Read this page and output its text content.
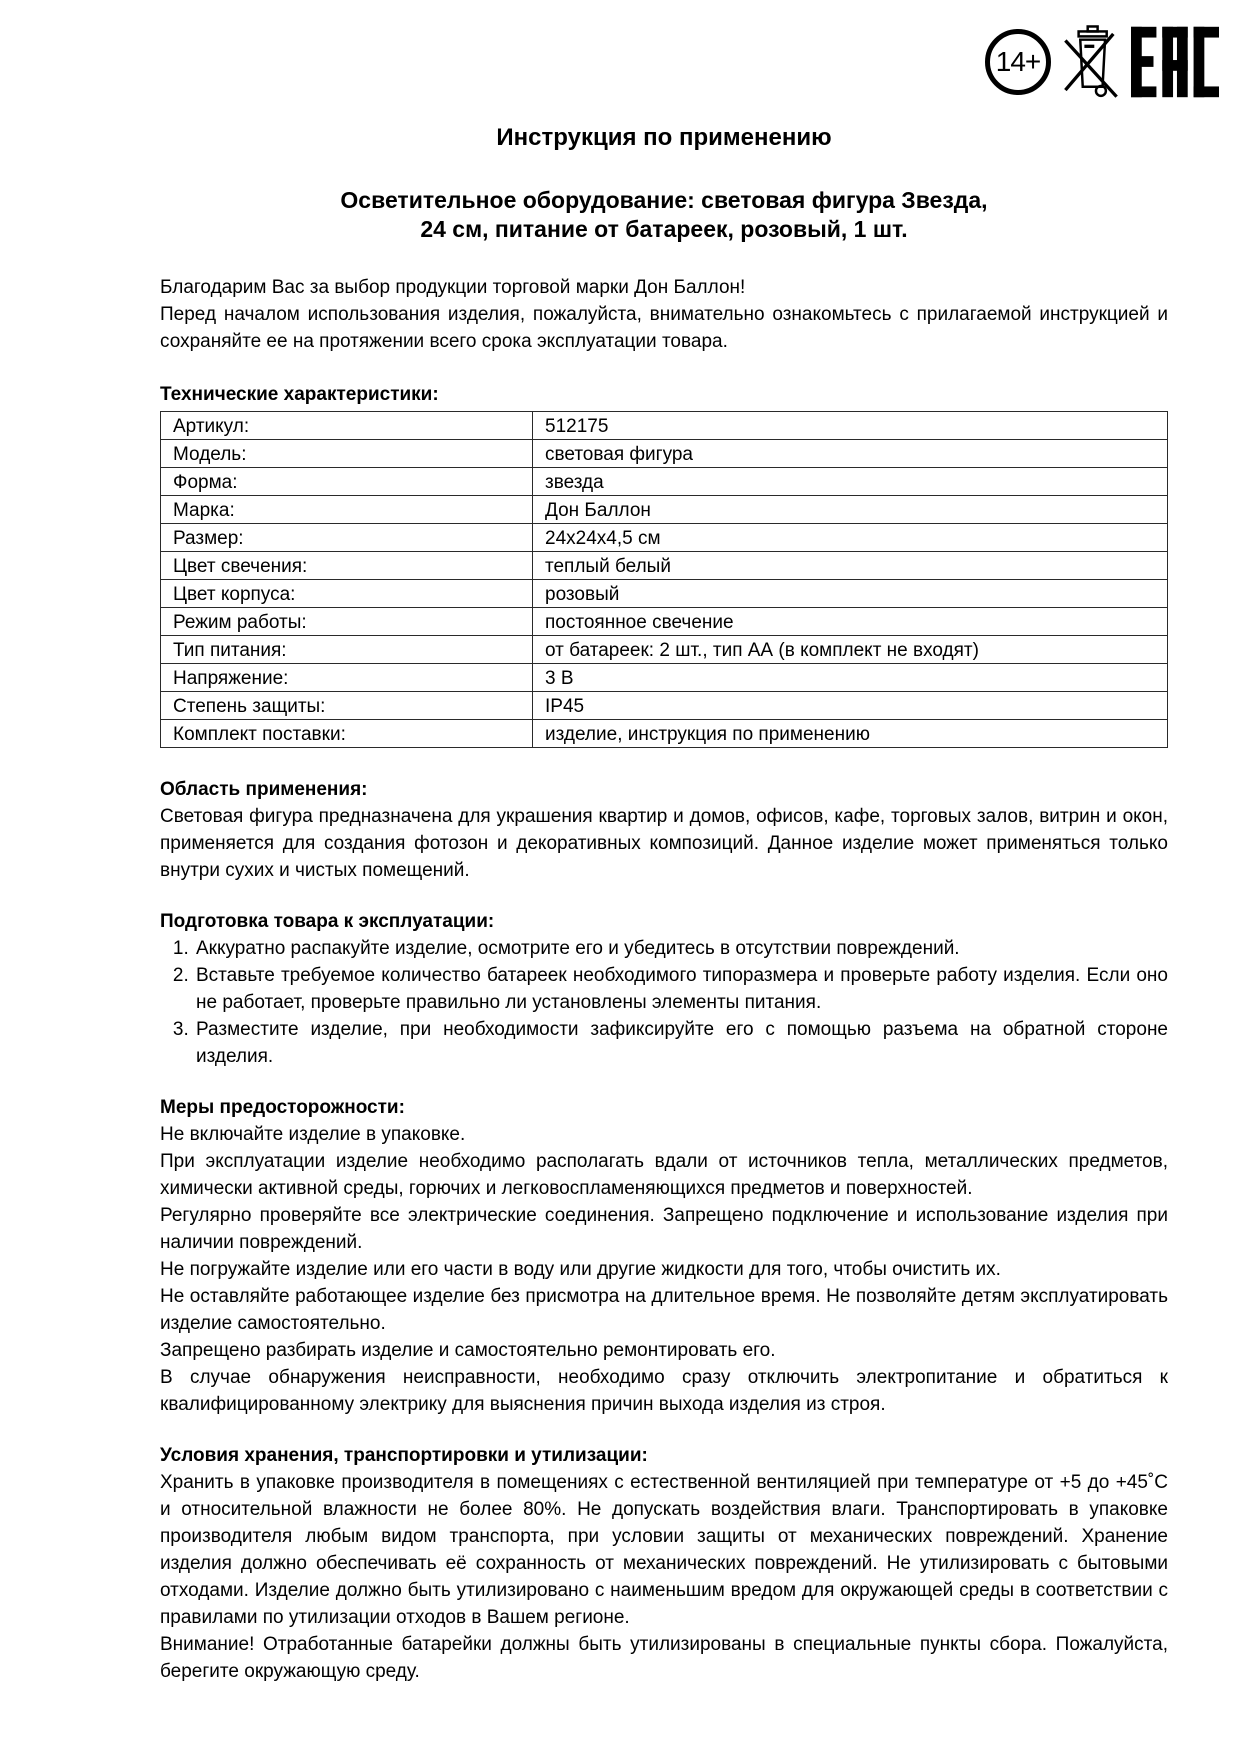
14+
Инструкция по применению
Осветительное оборудование: световая фигура Звезда,
24 см, питание от батареек, розовый, 1 шт.

Благодарим Вас за выбор продукции торговой марки Дон Баллон!

Перед началом использования изделия, пожалуйста, внимательно ознакомьтесь с прилагаемой инструкцией и сохраняйте ее на протяжении всего срока эксплуатации товара.

Технические характеристики:
Артикул:	512175
Модель:	световая фигура
Форма:	звезда
Марка:	Дон Баллон
Размер:	24х24х4,5 см
Цвет свечения:	теплый белый
Цвет корпуса:	розовый
Режим работы:	постоянное свечение
Тип питания:	от батареек: 2 шт., тип АА (в комплект не входят)
Напряжение:	3 В
Степень защиты:	IP45
Комплект поставки:	изделие, инструкция по применению
Область применения:

Световая фигура предназначена для украшения квартир и домов, офисов, кафе, торговых залов, витрин и окон, применяется для создания фотозон и декоративных композиций. Данное изделие может применяться только внутри сухих и чистых помещений.

Подготовка товара к эксплуатации:
1. Аккуратно распакуйте изделие, осмотрите его и убедитесь в отсутствии повреждений.
2. Вставьте требуемое количество батареек необходимого типоразмера и проверьте работу изделия. Если оно не работает, проверьте правильно ли установлены элементы питания.
3. Разместите изделие, при необходимости зафиксируйте его с помощью разъема на обратной стороне изделия.
Меры предосторожности:

Не включайте изделие в упаковке.

При эксплуатации изделие необходимо располагать вдали от источников тепла, металлических предметов, химически активной среды, горючих и легковоспламеняющихся предметов и поверхностей.

Регулярно проверяйте все электрические соединения. Запрещено подключение и использование изделия при наличии повреждений.

Не погружайте изделие или его части в воду или другие жидкости для того, чтобы очистить их.

Не оставляйте работающее изделие без присмотра на длительное время. Не позволяйте детям эксплуатировать изделие самостоятельно.

Запрещено разбирать изделие и самостоятельно ремонтировать его.

В случае обнаружения неисправности, необходимо сразу отключить электропитание и обратиться к квалифицированному электрику для выяснения причин выхода изделия из строя.

Условия хранения, транспортировки и утилизации:

Хранить в упаковке производителя в помещениях с естественной вентиляцией при температуре от +5 до +45˚С и относительной влажности не более 80%. Не допускать воздействия влаги. Транспортировать в упаковке производителя любым видом транспорта, при условии защиты от механических повреждений. Хранение изделия должно обеспечивать её сохранность от механических повреждений. Не утилизировать с бытовыми отходами. Изделие должно быть утилизировано с наименьшим вредом для окружающей среды в соответствии с правилами по утилизации отходов в Вашем регионе.

Внимание! Отработанные батарейки должны быть утилизированы в специальные пункты сбора. Пожалуйста, берегите окружающую среду.
